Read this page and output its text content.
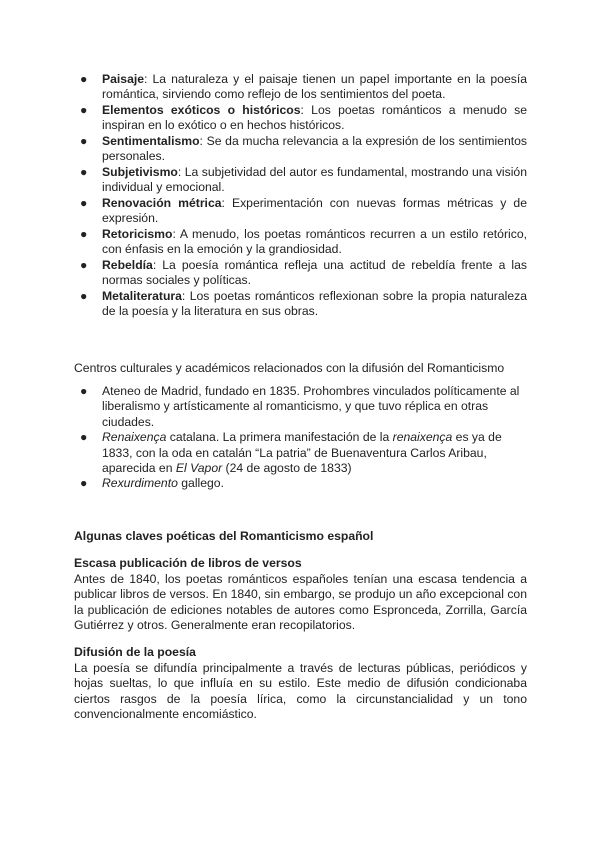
● Paisaje: La naturaleza y el paisaje tienen un papel importante en la poesía romántica, sirviendo como reflejo de los sentimientos del poeta.
● Elementos exóticos o históricos: Los poetas románticos a menudo se inspiran en lo exótico o en hechos históricos.
● Sentimentalismo: Se da mucha relevancia a la expresión de los sentimientos personales.
● Subjetivismo: La subjetividad del autor es fundamental, mostrando una visión individual y emocional.
● Renovación métrica: Experimentación con nuevas formas métricas y de expresión.
● Retoricismo: A menudo, los poetas románticos recurren a un estilo retórico, con énfasis en la emoción y la grandiosidad.
● Rebeldía: La poesía romántica refleja una actitud de rebeldía frente a las normas sociales y políticas.
● Metaliteratura: Los poetas románticos reflexionan sobre la propia naturaleza de la poesía y la literatura en sus obras.
Centros culturales y académicos relacionados con la difusión del Romanticismo
● Ateneo de Madrid, fundado en 1835. Prohombres vinculados políticamente al liberalismo y artísticamente al romanticismo, y que tuvo réplica en otras ciudades.
● Renaixença catalana. La primera manifestación de la renaixença es ya de 1833, con la oda en catalán “La patria” de Buenaventura Carlos Aribau, aparecida en El Vapor (24 de agosto de 1833)
● Rexurdimento gallego.
Algunas claves poéticas del Romanticismo español
Escasa publicación de libros de versos
Antes de 1840, los poetas románticos españoles tenían una escasa tendencia a publicar libros de versos. En 1840, sin embargo, se produjo un año excepcional con la publicación de ediciones notables de autores como Espronceda, Zorrilla, García Gutiérrez y otros. Generalmente eran recopilatorios.
Difusión de la poesía
La poesía se difundía principalmente a través de lecturas públicas, periódicos y hojas sueltas, lo que influía en su estilo. Este medio de difusión condicionaba ciertos rasgos de la poesía lírica, como la circunstancialidad y un tono convencionalmente encomiástico.
